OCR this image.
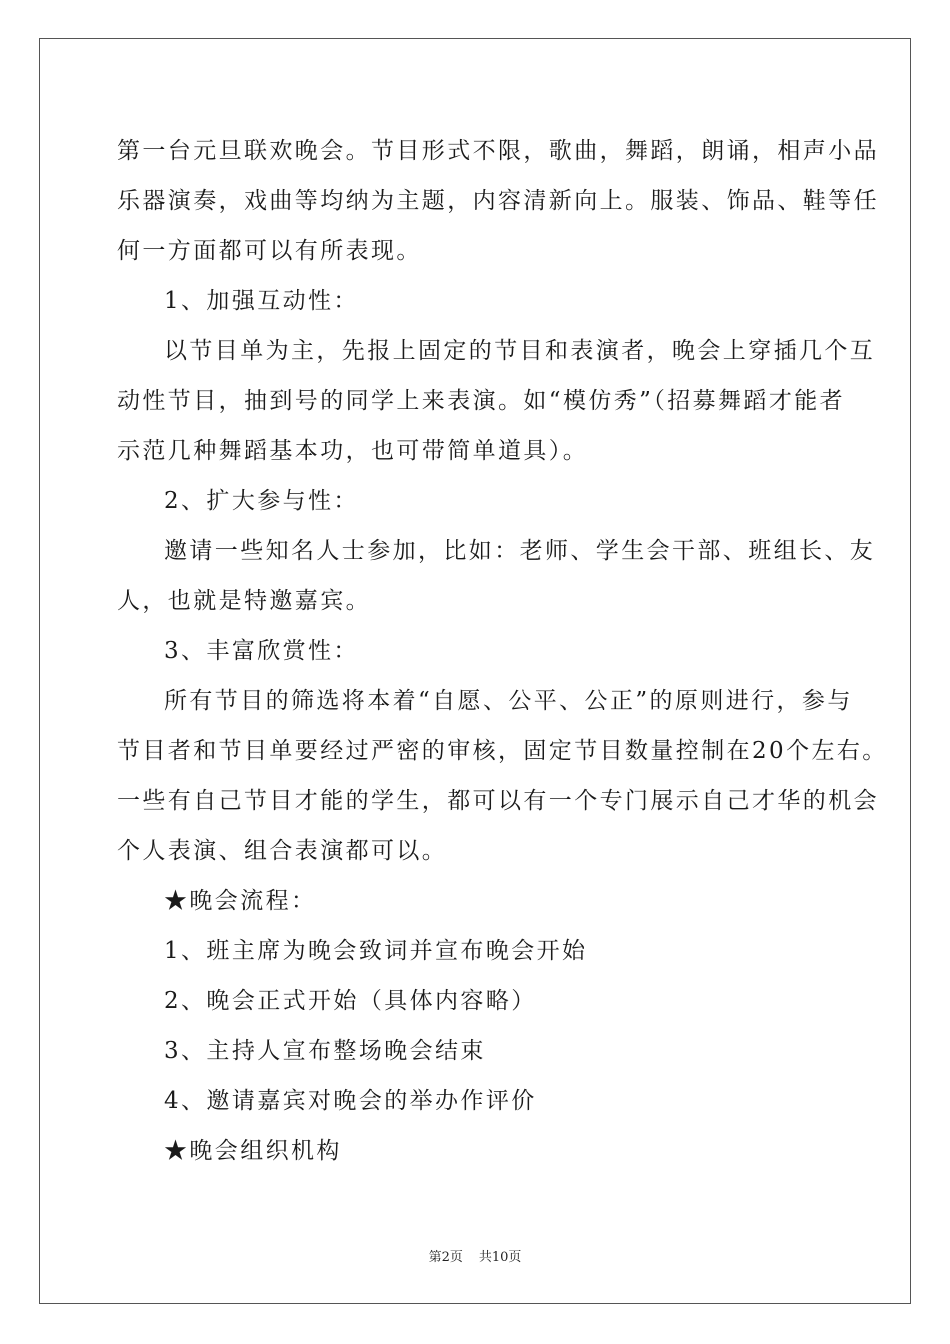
第一台元旦联欢晚会。节目形式不限，歌曲，舞蹈，朗诵，相声小品
乐器演奏，戏曲等均纳为主题，内容清新向上。服装、饰品、鞋等任
何一方面都可以有所表现。
1、加强互动性：
以节目单为主，先报上固定的节目和表演者，晚会上穿插几个互
动性节目，抽到号的同学上来表演。如“模仿秀”（招募舞蹈才能者
示范几种舞蹈基本功，也可带简单道具）。
2、扩大参与性：
邀请一些知名人士参加，比如：老师、学生会干部、班组长、友
人，也就是特邀嘉宾。
3、丰富欣赏性：
所有节目的筛选将本着“自愿、公平、公正”的原则进行，参与
节目者和节目单要经过严密的审核，固定节目数量控制在20个左右。
一些有自己节目才能的学生，都可以有一个专门展示自己才华的机会
个人表演、组合表演都可以。
★晚会流程：
1、班主席为晚会致词并宣布晚会开始
2、晚会正式开始（具体内容略）
3、主持人宣布整场晚会结束
4、邀请嘉宾对晚会的举办作评价
★晚会组织机构
第2页 共10页
